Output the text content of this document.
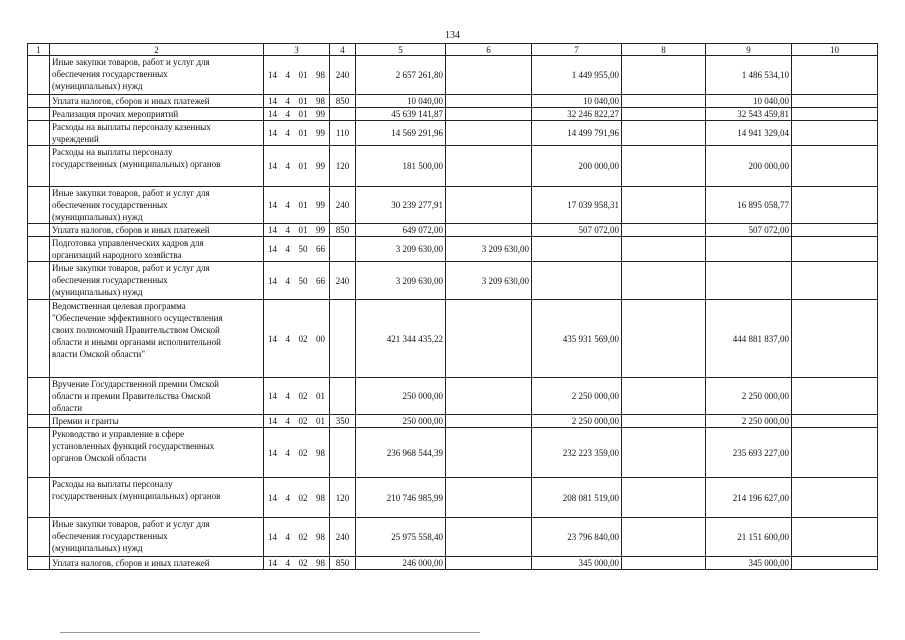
134
1	2	3	4	5	6	7	8	9	10
	Иные закупки товаров, работ и услуг для
обеспечения государственных
(муниципальных) нужд	14 4 01 98	240	2 657 261,80		1 449 955,00		1 486 534,10	
	Уплата налогов, сборов и иных платежей	14 4 01 98	850	10 040,00		10 040,00		10 040,00	
	Реализация прочих мероприятий	14 4 01 99		45 639 141,87		32 246 822,27		32 543 459,81	
	Расходы на выплаты персоналу казенных
учреждений	14 4 01 99	110	14 569 291,96		14 499 791,96		14 941 329,04	
	Расходы на выплаты персоналу
государственных (муниципальных) органов	14 4 01 99	120	181 500,00		200 000,00		200 000,00	
	Иные закупки товаров, работ и услуг для
обеспечения государственных
(муниципальных) нужд	14 4 01 99	240	30 239 277,91		17 039 958,31		16 895 058,77	
	Уплата налогов, сборов и иных платежей	14 4 01 99	850	649 072,00		507 072,00		507 072,00	
	Подготовка управленческих кадров для
организаций народного хозяйства	14 4 50 66		3 209 630,00	3 209 630,00				
	Иные закупки товаров, работ и услуг для
обеспечения государственных
(муниципальных) нужд	14 4 50 66	240	3 209 630,00	3 209 630,00				
	Ведомственная целевая программа
"Обеспечение эффективного осуществления
своих полномочий Правительством Омской
области и иными органами исполнительной
власти Омской области"	14 4 02 00		421 344 435,22		435 931 569,00		444 881 837,00	
	Вручение Государственной премии Омской
области и премии Правительства Омской
области	14 4 02 01		250 000,00		2 250 000,00		2 250 000,00	
	Премии и гранты	14 4 02 01	350	250 000,00		2 250 000,00		2 250 000,00	
	Руководство и управление в сфере
установленных функций государственных
органов Омской области	14 4 02 98		236 968 544,39		232 223 359,00		235 693 227,00	
	Расходы на выплаты персоналу
государственных (муниципальных) органов	14 4 02 98	120	210 746 985,99		208 081 519,00		214 196 627,00	
	Иные закупки товаров, работ и услуг для
обеспечения государственных
(муниципальных) нужд	14 4 02 98	240	25 975 558,40		23 796 840,00		21 151 600,00	
	Уплата налогов, сборов и иных платежей	14 4 02 98	850	246 000,00		345 000,00		345 000,00	
